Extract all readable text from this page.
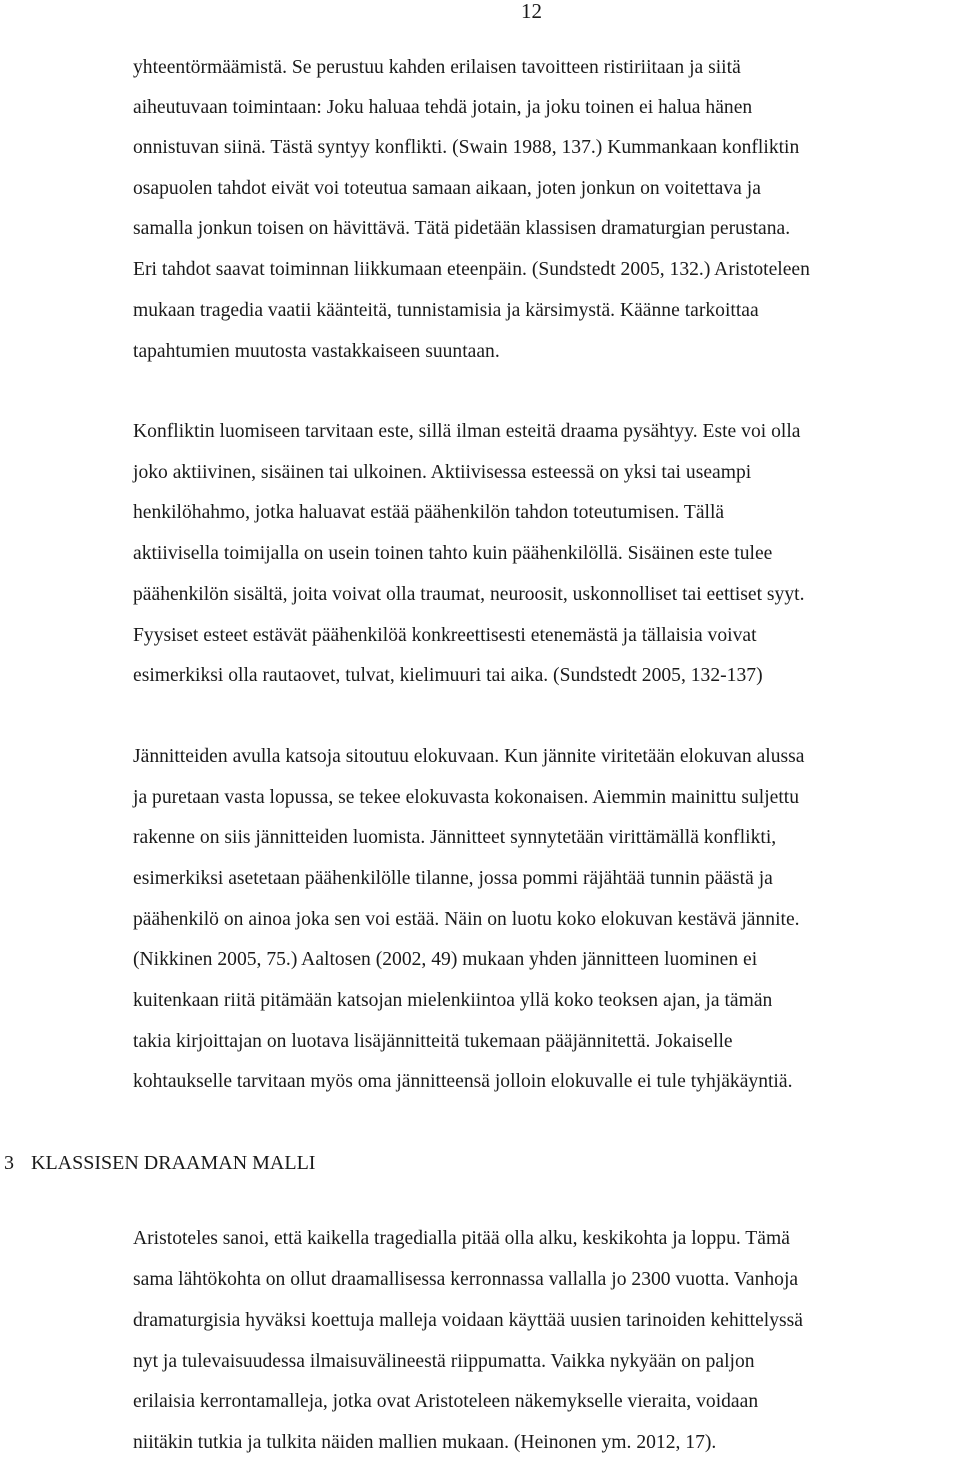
12
yhteentörmäämistä. Se perustuu kahden erilaisen tavoitteen ristiriitaan ja siitä
aiheutuvaan toimintaan: Joku haluaa tehdä jotain, ja joku toinen ei halua hänen
onnistuvan siinä. Tästä syntyy konflikti. (Swain 1988, 137.) Kummankaan konfliktin
osapuolen tahdot eivät voi toteutua samaan aikaan, joten jonkun on voitettava ja
samalla jonkun toisen on hävittävä. Tätä pidetään klassisen dramaturgian perustana.
Eri tahdot saavat toiminnan liikkumaan eteenpäin. (Sundstedt 2005, 132.) Aristoteleen
mukaan tragedia vaatii käänteitä, tunnistamisia ja kärsimystä. Käänne tarkoittaa
tapahtumien muutosta vastakkaiseen suuntaan.
Konfliktin luomiseen tarvitaan este, sillä ilman esteitä draama pysähtyy. Este voi olla
joko aktiivinen, sisäinen tai ulkoinen. Aktiivisessa esteessä on yksi tai useampi
henkilöhahmo, jotka haluavat estää päähenkilön tahdon toteutumisen. Tällä
aktiivisella toimijalla on usein toinen tahto kuin päähenkilöllä. Sisäinen este tulee
päähenkilön sisältä, joita voivat olla traumat, neuroosit, uskonnolliset tai eettiset syyt.
Fyysiset esteet estävät päähenkilöä konkreettisesti etenemästä ja tällaisia voivat
esimerkiksi olla rautaovet, tulvat, kielimuuri tai aika. (Sundstedt 2005, 132-137)
Jännitteiden avulla katsoja sitoutuu elokuvaan. Kun jännite viritetään elokuvan alussa
ja puretaan vasta lopussa, se tekee elokuvasta kokonaisen. Aiemmin mainittu suljettu
rakenne on siis jännitteiden luomista. Jännitteet synnytetään virittämällä konflikti,
esimerkiksi asetetaan päähenkilölle tilanne, jossa pommi räjähtää tunnin päästä ja
päähenkilö on ainoa joka sen voi estää. Näin on luotu koko elokuvan kestävä jännite.
(Nikkinen 2005, 75.) Aaltosen (2002, 49) mukaan yhden jännitteen luominen ei
kuitenkaan riitä pitämään katsojan mielenkiintoa yllä koko teoksen ajan, ja tämän
takia kirjoittajan on luotava lisäjännitteitä tukemaan pääjännitettä. Jokaiselle
kohtaukselle tarvitaan myös oma jännitteensä jolloin elokuvalle ei tule tyhjäkäyntiä.
3 KLASSISEN DRAAMAN MALLI
Aristoteles sanoi, että kaikella tragedialla pitää olla alku, keskikohta ja loppu. Tämä
sama lähtökohta on ollut draamallisessa kerronnassa vallalla jo 2300 vuotta. Vanhoja
dramaturgisia hyväksi koettuja malleja voidaan käyttää uusien tarinoiden kehittelyssä
nyt ja tulevaisuudessa ilmaisuvälineestä riippumatta. Vaikka nykyään on paljon
erilaisia kerrontamalleja, jotka ovat Aristoteleen näkemykselle vieraita, voidaan
niitäkin tutkia ja tulkita näiden mallien mukaan. (Heinonen ym. 2012, 17).
